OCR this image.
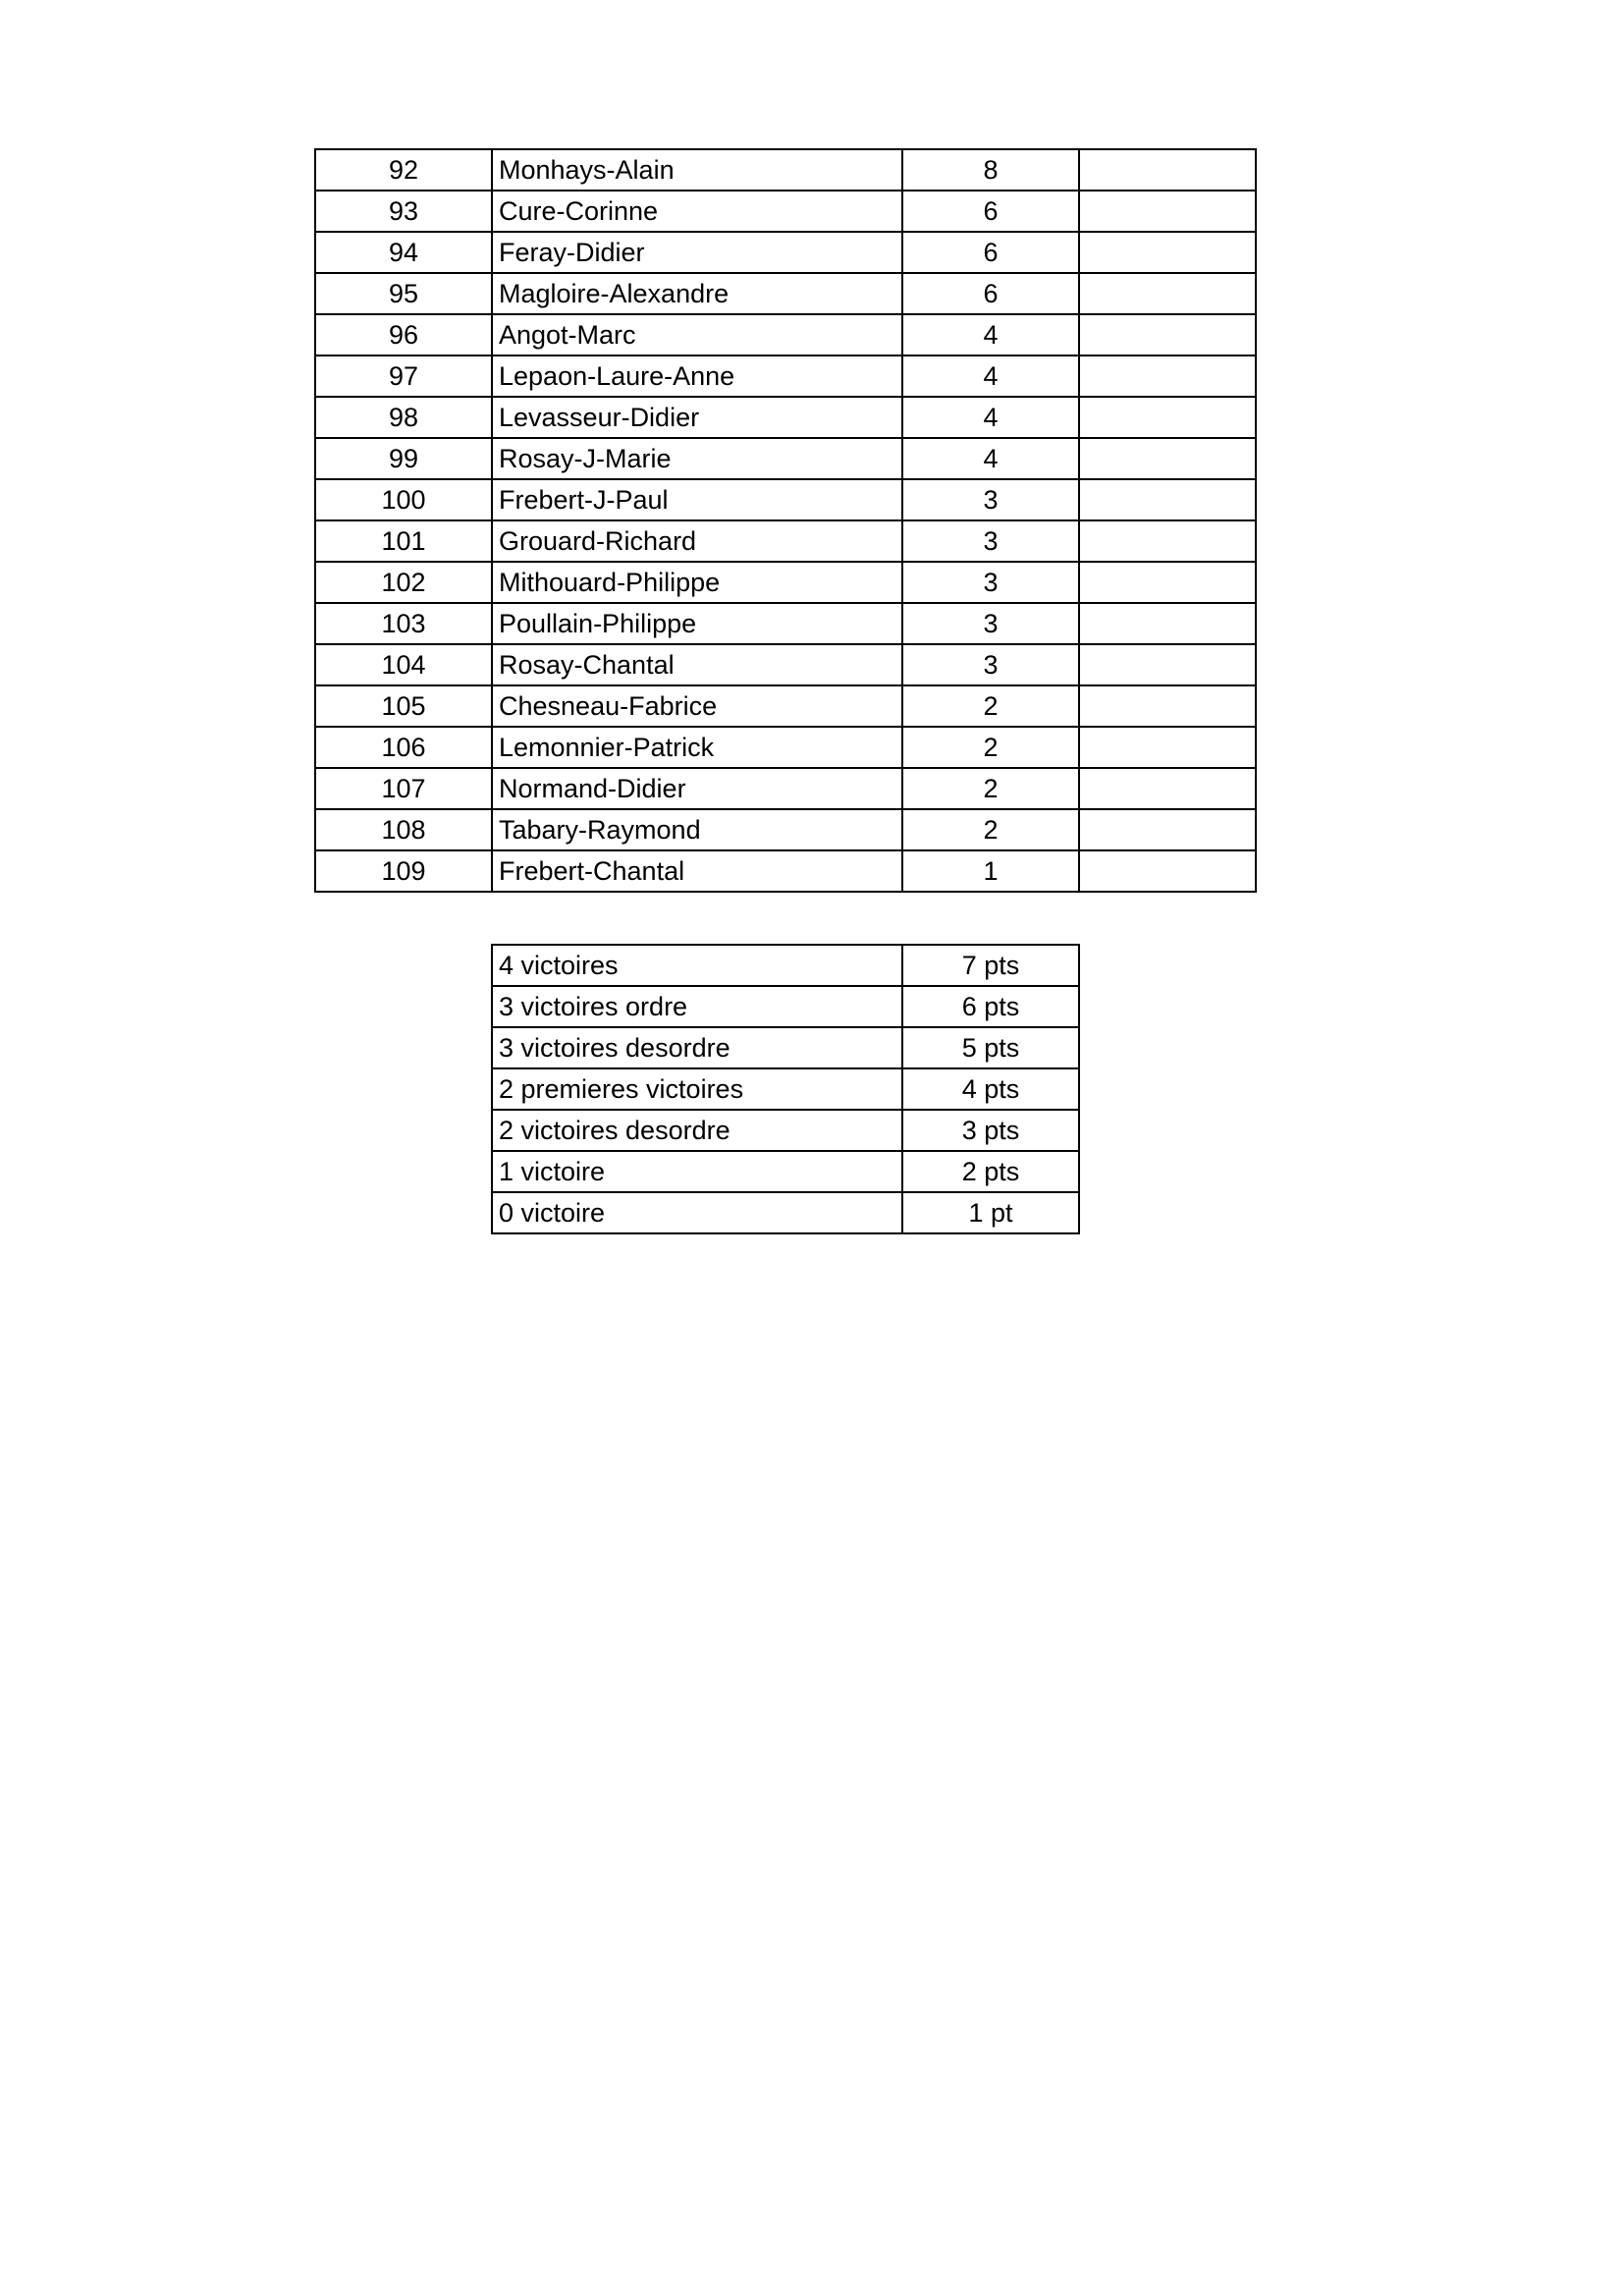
92	Monhays-Alain	8	
93	Cure-Corinne	6	
94	Feray-Didier	6	
95	Magloire-Alexandre	6	
96	Angot-Marc	4	
97	Lepaon-Laure-Anne	4	
98	Levasseur-Didier	4	
99	Rosay-J-Marie	4	
100	Frebert-J-Paul	3	
101	Grouard-Richard	3	
102	Mithouard-Philippe	3	
103	Poullain-Philippe	3	
104	Rosay-Chantal	3	
105	Chesneau-Fabrice	2	
106	Lemonnier-Patrick	2	
107	Normand-Didier	2	
108	Tabary-Raymond	2	
109	Frebert-Chantal	1	
4 victoires	7 pts
3 victoires ordre	6 pts
3 victoires desordre	5 pts
2 premieres victoires	4 pts
2 victoires desordre	3 pts
1 victoire	2 pts
0 victoire	1 pt
